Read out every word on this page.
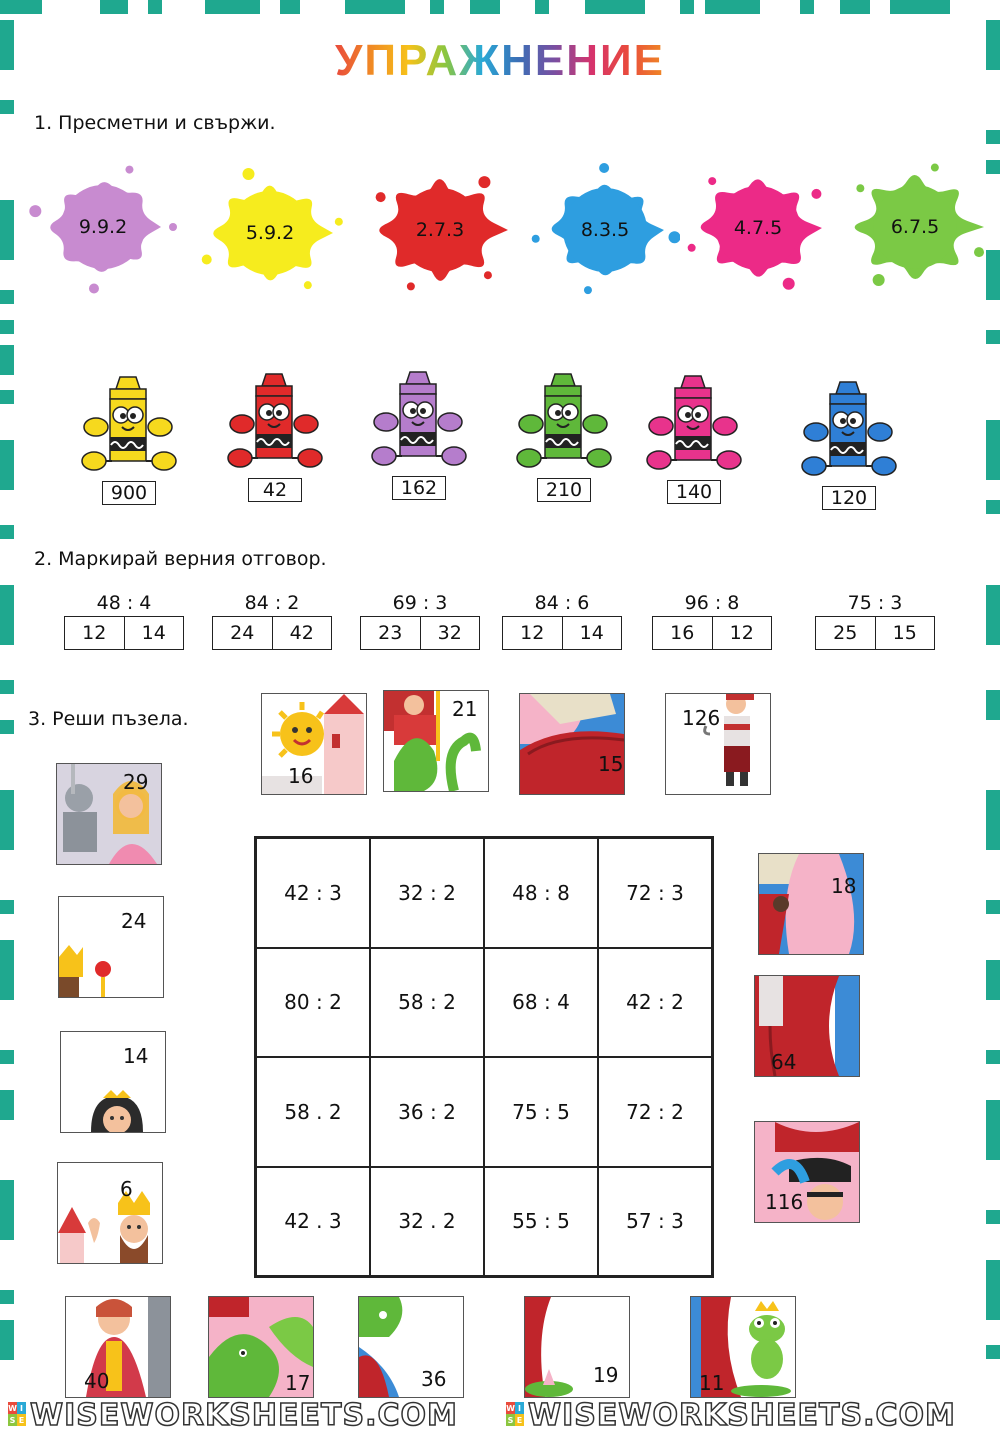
УПРАЖНЕНИЕ
1. Пресметни и свържи.
9.9.2	5.9.2	2.7.3	8.3.5	4.7.5	6.7.5
900	42	162	210	140	120
2. Маркирай верния отговор.
48 : 4
12	14
84 : 2
24	42
69 : 3
23	32
84 : 6
12	14
96 : 8
16	12
75 : 3
25	15
3. Реши пъзела.
42 : 3	32 : 2	48 : 8	72 : 3
80 : 2	58 : 2	68 : 4	42 : 2
58 . 2	36 : 2	75 : 5	72 : 2
42 . 3	32 . 2	55 : 5	57 : 3
16
21
15
126
29
24
14
6
18
64
116
40	17	36	19	11
W I
S E WISEWORKSHEETS.COM	W I
S E WISEWORKSHEETS.COM
